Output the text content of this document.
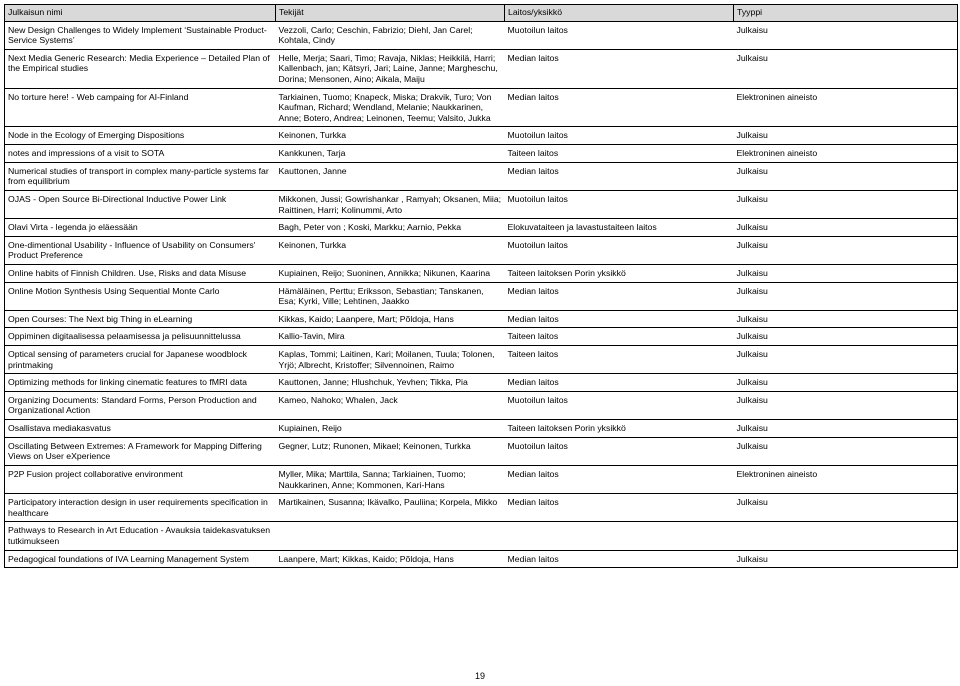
Julkaisun nimi	Tekijät	Laitos/yksikkö	Tyyppi
New Design Challenges to Widely Implement ‘Sustainable Product-Service Systems’	Vezzoli, Carlo; Ceschin, Fabrizio; Diehl, Jan Carel; Kohtala, Cindy	Muotoilun laitos	Julkaisu
Next Media Generic Research: Media Experience – Detailed Plan of the Empirical studies	Helle, Merja; Saari, Timo; Ravaja, Niklas; Heikkilä, Harri; Kallenbach, jan; Kätsyri, Jari; Laine, Janne; Margheschu, Dorina; Mensonen, Aino; Aikala, Maiju	Median laitos	Julkaisu
No torture here! - Web campaing for AI-Finland	Tarkiainen, Tuomo; Knapeck, Miska; Drakvik, Turo; Von Kaufman, Richard; Wendland, Melanie; Naukkarinen, Anne; Botero, Andrea; Leinonen, Teemu; Valsito, Jukka	Median laitos	Elektroninen aineisto
Node in the Ecology of Emerging Dispositions	Keinonen, Turkka	Muotoilun laitos	Julkaisu
notes and impressions of a visit to SOTA	Kankkunen, Tarja	Taiteen laitos	Elektroninen aineisto
Numerical studies of transport in complex many-particle systems far from equilibrium	Kauttonen, Janne	Median laitos	Julkaisu
OJAS - Open Source Bi-Directional Inductive Power Link	Mikkonen, Jussi; Gowrishankar , Ramyah; Oksanen, Miia; Raittinen, Harri; Kolinummi, Arto	Muotoilun laitos	Julkaisu
Olavi Virta - legenda jo eläessään	Bagh, Peter von ; Koski, Markku; Aarnio, Pekka	Elokuvataiteen ja lavastustaiteen laitos	Julkaisu
One-dimentional Usability - Influence of Usability on Consumers' Product Preference	Keinonen, Turkka	Muotoilun laitos	Julkaisu
Online habits of Finnish Children. Use, Risks and data Misuse	Kupiainen, Reijo; Suoninen, Annikka; Nikunen, Kaarina	Taiteen laitoksen Porin yksikkö	Julkaisu
Online Motion Synthesis Using Sequential Monte Carlo	Hämäläinen, Perttu; Eriksson, Sebastian; Tanskanen, Esa; Kyrki, Ville; Lehtinen, Jaakko	Median laitos	Julkaisu
Open Courses: The Next big Thing in eLearning	Kikkas, Kaido; Laanpere, Mart; Põldoja, Hans	Median laitos	Julkaisu
Oppiminen digitaalisessa pelaamisessa ja pelisuunnittelussa	Kallio-Tavin, Mira	Taiteen laitos	Julkaisu
Optical sensing of parameters crucial for Japanese woodblock printmaking	Kaplas, Tommi; Laitinen, Kari; Moilanen, Tuula; Tolonen, Yrjö; Albrecht, Kristoffer; Silvennoinen, Raimo	Taiteen laitos	Julkaisu
Optimizing methods for linking cinematic features to fMRI data	Kauttonen, Janne; Hlushchuk, Yevhen; Tikka, Pia	Median laitos	Julkaisu
Organizing Documents: Standard Forms, Person Production and Organizational Action	Kameo, Nahoko; Whalen, Jack	Muotoilun laitos	Julkaisu
Osallistava mediakasvatus	Kupiainen, Reijo	Taiteen laitoksen Porin yksikkö	Julkaisu
Oscillating Between Extremes: A Framework for Mapping Differing Views on User eXperience	Gegner, Lutz; Runonen, Mikael; Keinonen, Turkka	Muotoilun laitos	Julkaisu
P2P Fusion project collaborative environment	Myller, Mika; Marttila, Sanna; Tarkiainen, Tuomo; Naukkarinen, Anne; Kommonen, Kari-Hans	Median laitos	Elektroninen aineisto
Participatory interaction design in user requirements specification in healthcare	Martikainen, Susanna; Ikävalko, Pauliina; Korpela, Mikko	Median laitos	Julkaisu
Pathways to Research in Art Education - Avauksia taidekasvatuksen tutkimukseen			
Pedagogical foundations of IVA Learning Management System	Laanpere, Mart; Kikkas, Kaido; Põldoja, Hans	Median laitos	Julkaisu
19
